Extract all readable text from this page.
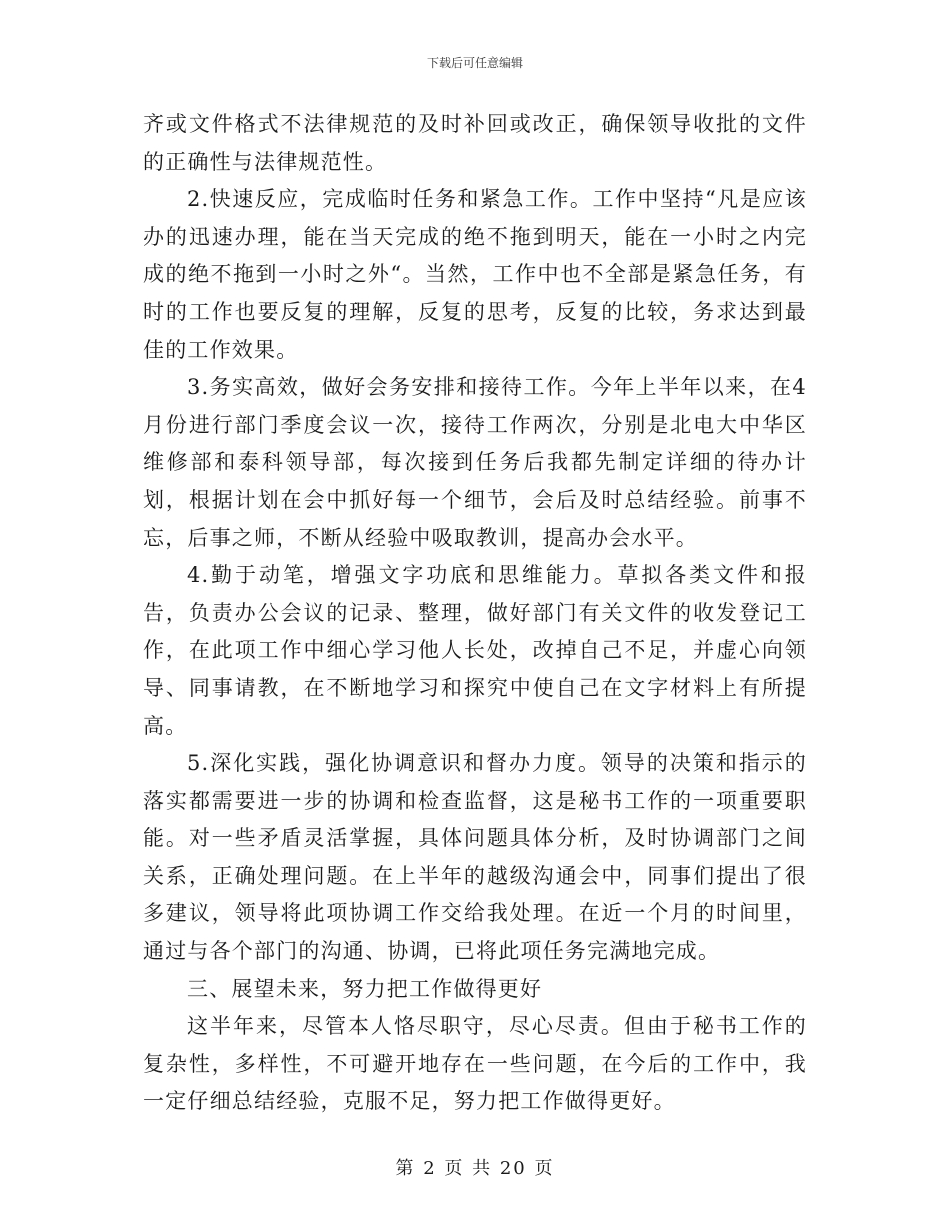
下载后可任意编辑

齐或文件格式不法律规范的及时补回或改正，确保领导收批的文件的正确性与法律规范性。

2.快速反应，完成临时任务和紧急工作。工作中坚持“凡是应该办的迅速办理，能在当天完成的绝不拖到明天，能在一小时之内完成的绝不拖到一小时之外“。当然，工作中也不全部是紧急任务，有时的工作也要反复的理解，反复的思考，反复的比较，务求达到最佳的工作效果。

3.务实高效，做好会务安排和接待工作。今年上半年以来，在4月份进行部门季度会议一次，接待工作两次，分别是北电大中华区维修部和泰科领导部，每次接到任务后我都先制定详细的待办计划，根据计划在会中抓好每一个细节，会后及时总结经验。前事不忘，后事之师，不断从经验中吸取教训，提高办会水平。

4.勤于动笔，增强文字功底和思维能力。草拟各类文件和报告，负责办公会议的记录、整理，做好部门有关文件的收发登记工作，在此项工作中细心学习他人长处，改掉自己不足，并虚心向领导、同事请教，在不断地学习和探究中使自己在文字材料上有所提高。

5.深化实践，强化协调意识和督办力度。领导的决策和指示的落实都需要进一步的协调和检查监督，这是秘书工作的一项重要职能。对一些矛盾灵活掌握，具体问题具体分析，及时协调部门之间关系，正确处理问题。在上半年的越级沟通会中，同事们提出了很多建议，领导将此项协调工作交给我处理。在近一个月的时间里，通过与各个部门的沟通、协调，已将此项任务完满地完成。

三、展望未来，努力把工作做得更好

这半年来，尽管本人恪尽职守，尽心尽责。但由于秘书工作的复杂性，多样性，不可避开地存在一些问题，在今后的工作中，我一定仔细总结经验，克服不足，努力把工作做得更好。

第 2 页 共 20 页
